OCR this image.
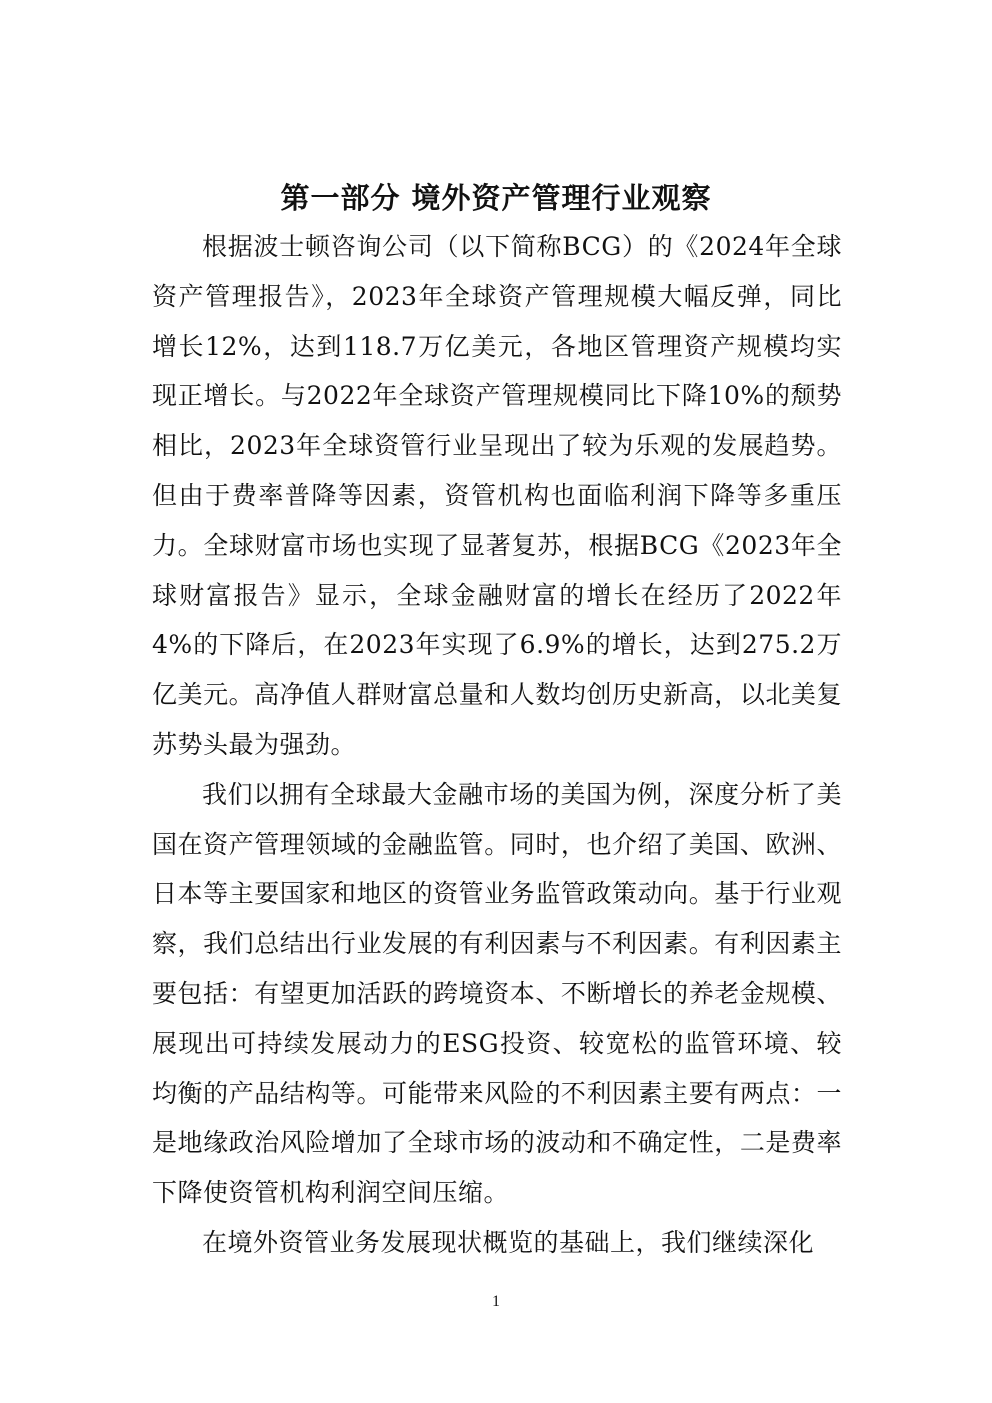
第一部分 境外资产管理行业观察

根据波士顿咨询公司（以下简称BCG）的《2024年全球资产管理报告》，2023年全球资产管理规模大幅反弹，同比增长12%，达到118.7万亿美元，各地区管理资产规模均实现正增长。与2022年全球资产管理规模同比下降10%的颓势相比，2023年全球资管行业呈现出了较为乐观的发展趋势。但由于费率普降等因素，资管机构也面临利润下降等多重压力。全球财富市场也实现了显著复苏，根据BCG《2023年全球财富报告》显示，全球金融财富的增长在经历了2022年4%的下降后，在2023年实现了6.9%的增长，达到275.2万亿美元。高净值人群财富总量和人数均创历史新高，以北美复苏势头最为强劲。

我们以拥有全球最大金融市场的美国为例，深度分析了美国在资产管理领域的金融监管。同时，也介绍了美国、欧洲、日本等主要国家和地区的资管业务监管政策动向。基于行业观察，我们总结出行业发展的有利因素与不利因素。有利因素主要包括：有望更加活跃的跨境资本、不断增长的养老金规模、展现出可持续发展动力的ESG投资、较宽松的监管环境、较均衡的产品结构等。可能带来风险的不利因素主要有两点：一是地缘政治风险增加了全球市场的波动和不确定性，二是费率下降使资管机构利润空间压缩。

在境外资管业务发展现状概览的基础上，我们继续深化

1
